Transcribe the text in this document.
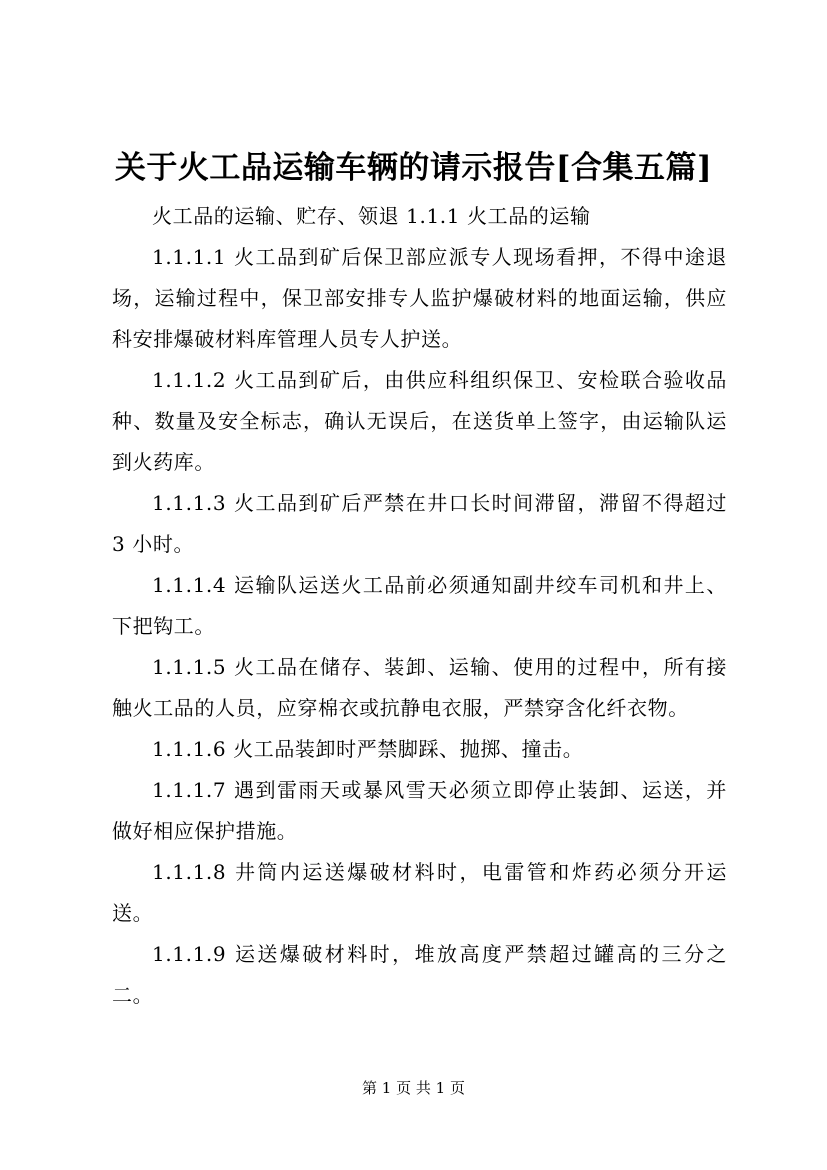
关于火工品运输车辆的请示报告[合集五篇]

火工品的运输、贮存、领退 1.1.1 火工品的运输

1.1.1.1 火工品到矿后保卫部应派专人现场看押，不得中途退场，运输过程中，保卫部安排专人监护爆破材料的地面运输，供应科安排爆破材料库管理人员专人护送。

1.1.1.2 火工品到矿后，由供应科组织保卫、安检联合验收品种、数量及安全标志，确认无误后，在送货单上签字，由运输队运到火药库。

1.1.1.3 火工品到矿后严禁在井口长时间滞留，滞留不得超过 3 小时。

1.1.1.4 运输队运送火工品前必须通知副井绞车司机和井上、下把钩工。

1.1.1.5 火工品在储存、装卸、运输、使用的过程中，所有接触火工品的人员，应穿棉衣或抗静电衣服，严禁穿含化纤衣物。

1.1.1.6 火工品装卸时严禁脚踩、抛掷、撞击。

1.1.1.7 遇到雷雨天或暴风雪天必须立即停止装卸、运送，并做好相应保护措施。

1.1.1.8 井筒内运送爆破材料时，电雷管和炸药必须分开运送。

1.1.1.9 运送爆破材料时，堆放高度严禁超过罐高的三分之二。

第 1 页 共 1 页
